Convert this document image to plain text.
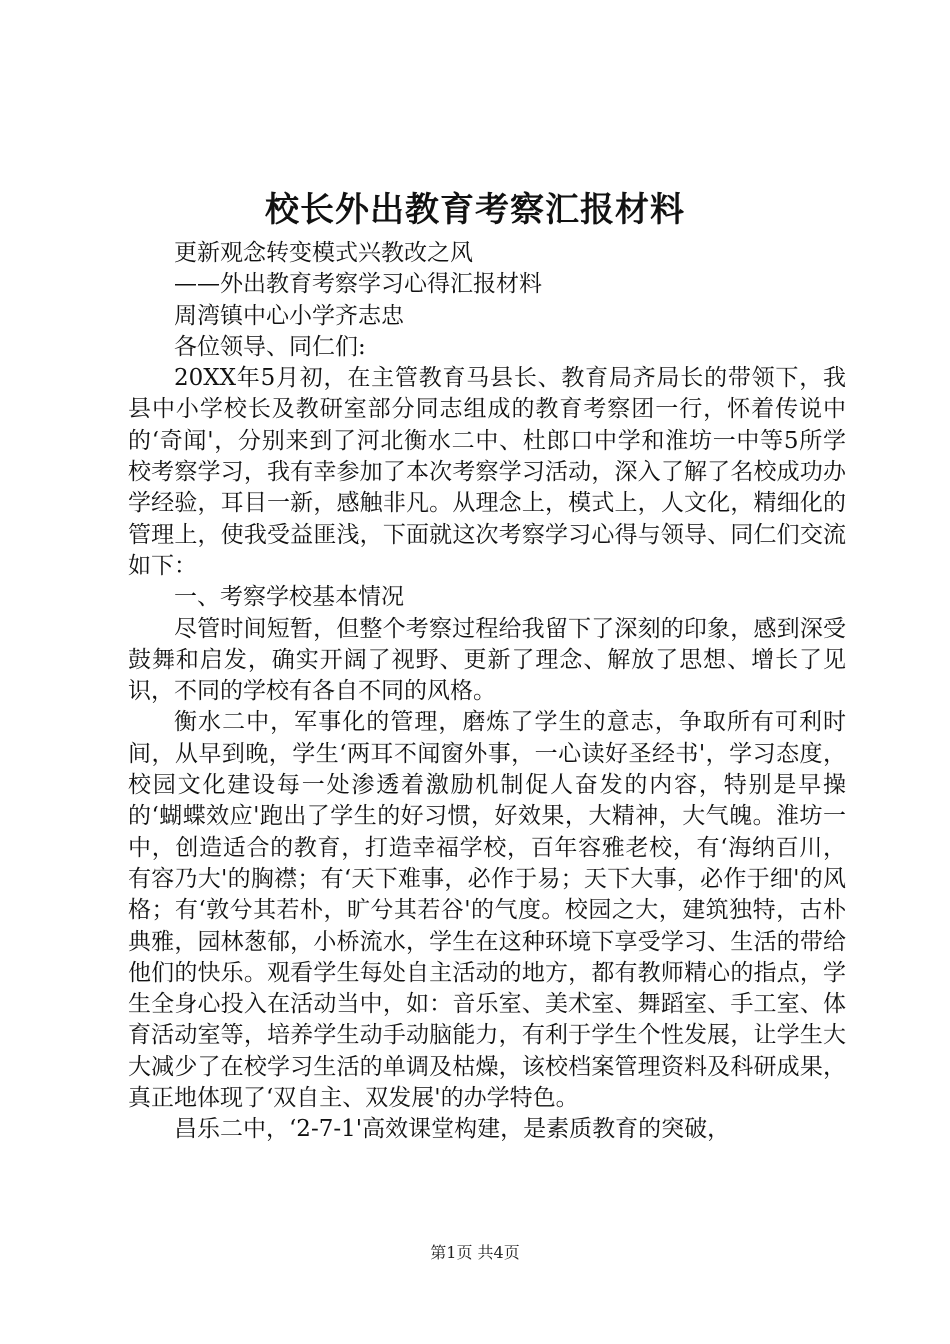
校长外出教育考察汇报材料

更新观念转变模式兴教改之风

——外出教育考察学习心得汇报材料

周湾镇中心小学齐志忠

各位领导、同仁们:

20XX年5月初，在主管教育马县长、教育局齐局长的带领下，我县中小学校长及教研室部分同志组成的教育考察团一行，怀着传说中的‘奇闻'，分别来到了河北衡水二中、杜郎口中学和淮坊一中等5所学校考察学习，我有幸参加了本次考察学习活动，深入了解了名校成功办学经验，耳目一新，感触非凡。从理念上，模式上，人文化，精细化的管理上，使我受益匪浅，下面就这次考察学习心得与领导、同仁们交流如下：

一、考察学校基本情况

尽管时间短暂，但整个考察过程给我留下了深刻的印象，感到深受鼓舞和启发，确实开阔了视野、更新了理念、解放了思想、增长了见识，不同的学校有各自不同的风格。

衡水二中，军事化的管理，磨炼了学生的意志，争取所有可利时间，从早到晚，学生‘两耳不闻窗外事，一心读好圣经书'，学习态度，校园文化建设每一处渗透着激励机制促人奋发的内容，特别是早操的‘蝴蝶效应'跑出了学生的好习惯，好效果，大精神，大气魄。淮坊一中，创造适合的教育，打造幸福学校，百年容雅老校，有‘海纳百川，有容乃大'的胸襟；有‘天下难事，必作于易；天下大事，必作于细'的风格；有‘敦兮其若朴，旷兮其若谷'的气度。校园之大，建筑独特，古朴典雅，园林葱郁，小桥流水，学生在这种环境下享受学习、生活的带给他们的快乐。观看学生每处自主活动的地方，都有教师精心的指点，学生全身心投入在活动当中，如：音乐室、美术室、舞蹈室、手工室、体育活动室等，培养学生动手动脑能力，有利于学生个性发展，让学生大大减少了在校学习生活的单调及枯燥，该校档案管理资料及科研成果，真正地体现了‘双自主、双发展'的办学特色。

昌乐二中，‘2-7-1'高效课堂构建，是素质教育的突破，

第1页 共4页
